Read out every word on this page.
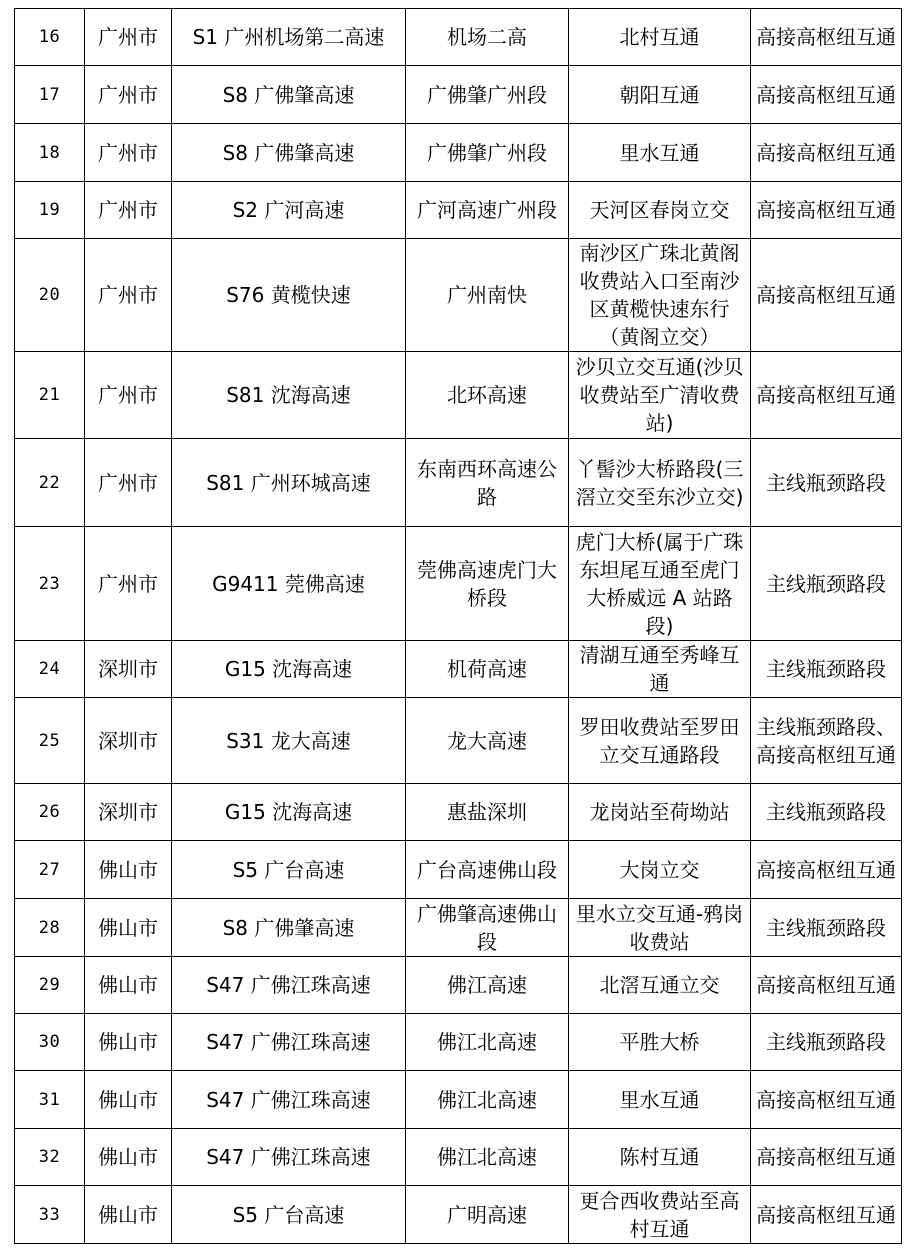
16	广州市	S1 广州机场第二高速	机场二高	北村互通	高接高枢纽互通
17	广州市	S8 广佛肇高速	广佛肇广州段	朝阳互通	高接高枢纽互通
18	广州市	S8 广佛肇高速	广佛肇广州段	里水互通	高接高枢纽互通
19	广州市	S2 广河高速	广河高速广州段	天河区春岗立交	高接高枢纽互通
20	广州市	S76 黄榄快速	广州南快	南沙区广珠北黄阁收费站入口至南沙区黄榄快速东行（黄阁立交）	高接高枢纽互通
21	广州市	S81 沈海高速	北环高速	沙贝立交互通(沙贝收费站至广清收费站)	高接高枢纽互通
22	广州市	S81 广州环城高速	东南西环高速公路	丫髻沙大桥路段(三滘立交至东沙立交)	主线瓶颈路段
23	广州市	G9411 莞佛高速	莞佛高速虎门大桥段	虎门大桥(属于广珠东坦尾互通至虎门大桥威远 A 站路段)	主线瓶颈路段
24	深圳市	G15 沈海高速	机荷高速	清湖互通至秀峰互通	主线瓶颈路段
25	深圳市	S31 龙大高速	龙大高速	罗田收费站至罗田立交互通路段	主线瓶颈路段、高接高枢纽互通
26	深圳市	G15 沈海高速	惠盐深圳	龙岗站至荷坳站	主线瓶颈路段
27	佛山市	S5 广台高速	广台高速佛山段	大岗立交	高接高枢纽互通
28	佛山市	S8 广佛肇高速	广佛肇高速佛山段	里水立交互通-鸦岗收费站	主线瓶颈路段
29	佛山市	S47 广佛江珠高速	佛江高速	北滘互通立交	高接高枢纽互通
30	佛山市	S47 广佛江珠高速	佛江北高速	平胜大桥	主线瓶颈路段
31	佛山市	S47 广佛江珠高速	佛江北高速	里水互通	高接高枢纽互通
32	佛山市	S47 广佛江珠高速	佛江北高速	陈村互通	高接高枢纽互通
33	佛山市	S5 广台高速	广明高速	更合西收费站至高村互通	高接高枢纽互通
